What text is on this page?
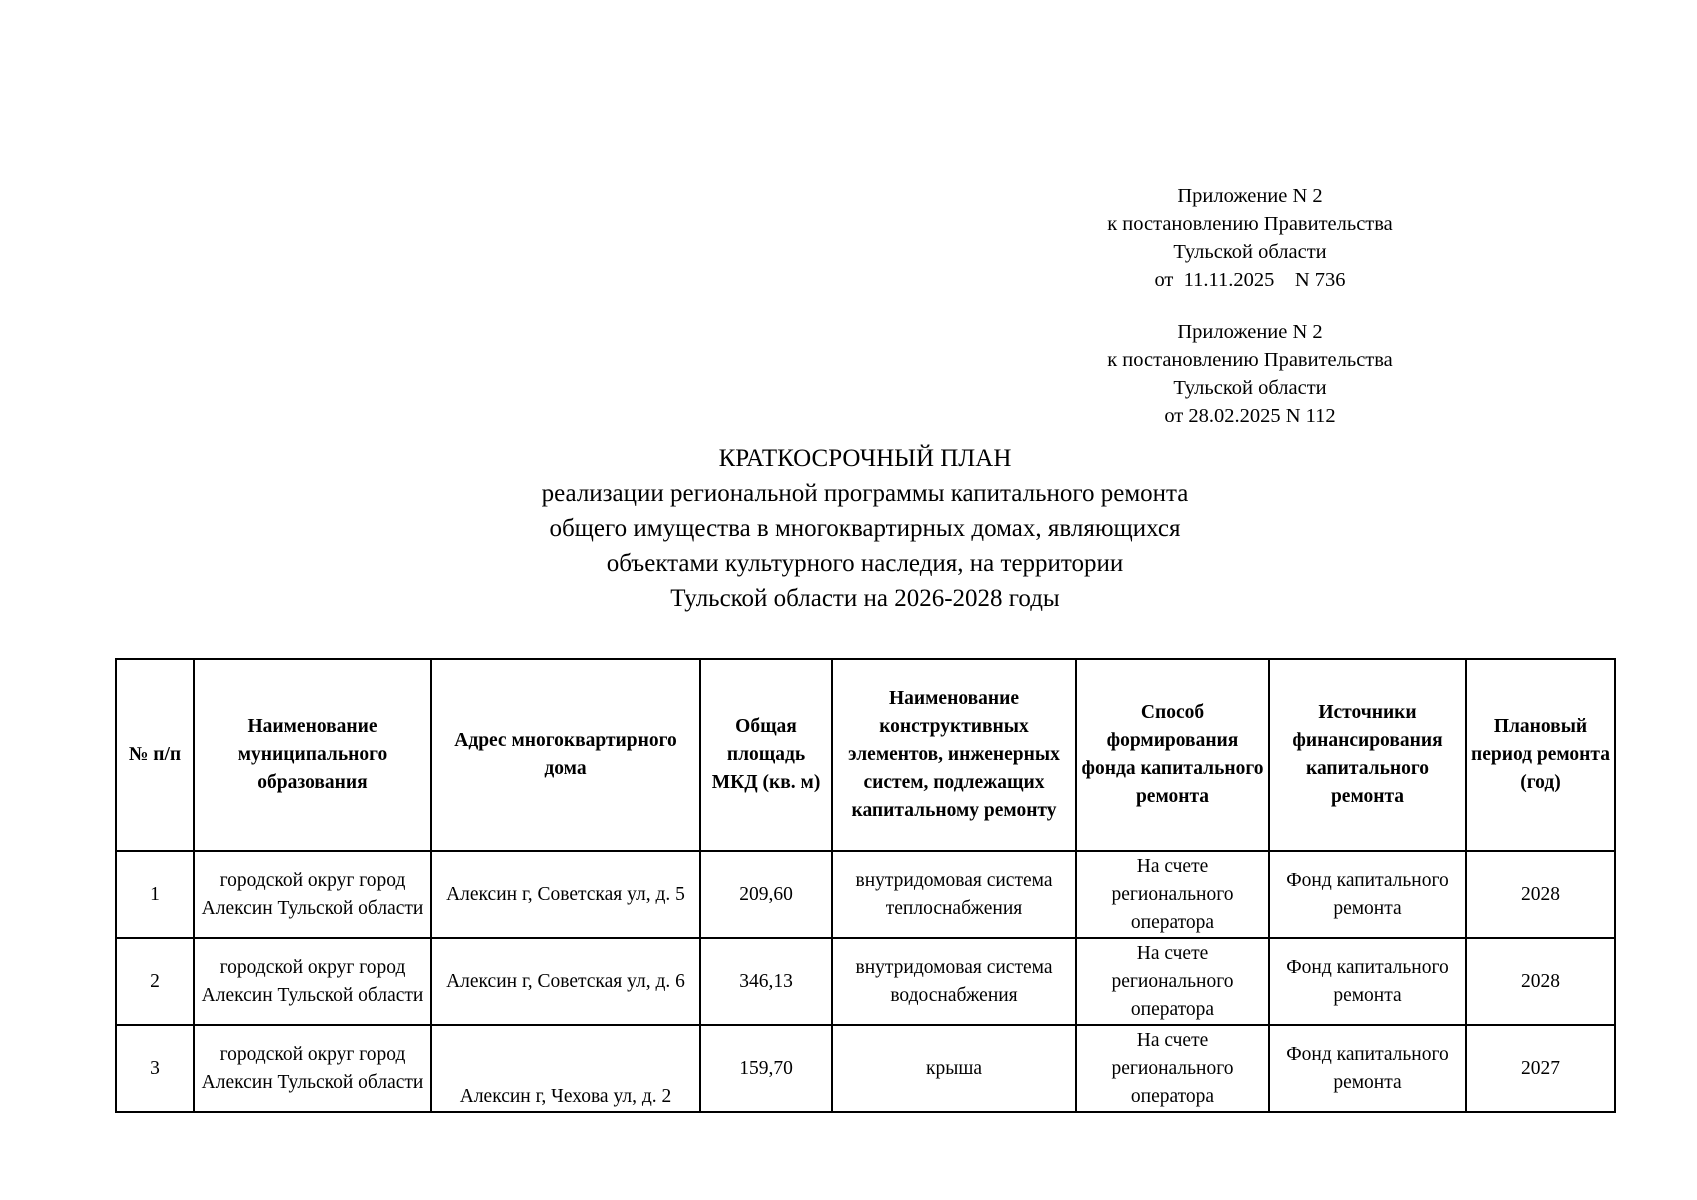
Приложение N 2
к постановлению Правительства
Тульской области
от  11.11.2025    N 736
Приложение N 2
к постановлению Правительства
Тульской области
от 28.02.2025 N 112
КРАТКОСРОЧНЫЙ ПЛАН
реализации региональной программы капитального ремонта
общего имущества в многоквартирных домах, являющихся
объектами культурного наследия, на территории
Тульской области на 2026-2028 годы
№ п/п	Наименование муниципального образования	Адрес многоквартирного дома	Общая площадь МКД (кв. м)	Наименование конструктивных элементов, инженерных систем, подлежащих капитальному ремонту	Способ формирования фонда капитального ремонта	Источники финансирования капитального ремонта	Плановый период ремонта (год)
1	городской округ город Алексин Тульской области	Алексин г, Советская ул, д. 5	209,60	внутридомовая система теплоснабжения	На счете регионального оператора	Фонд капитального ремонта	2028
2	городской округ город Алексин Тульской области	Алексин г, Советская ул, д. 6	346,13	внутридомовая система водоснабжения	На счете регионального оператора	Фонд капитального ремонта	2028
3	городской округ город Алексин Тульской области	Алексин г, Чехова ул, д. 2	159,70	крыша	На счете регионального оператора	Фонд капитального ремонта	2027
